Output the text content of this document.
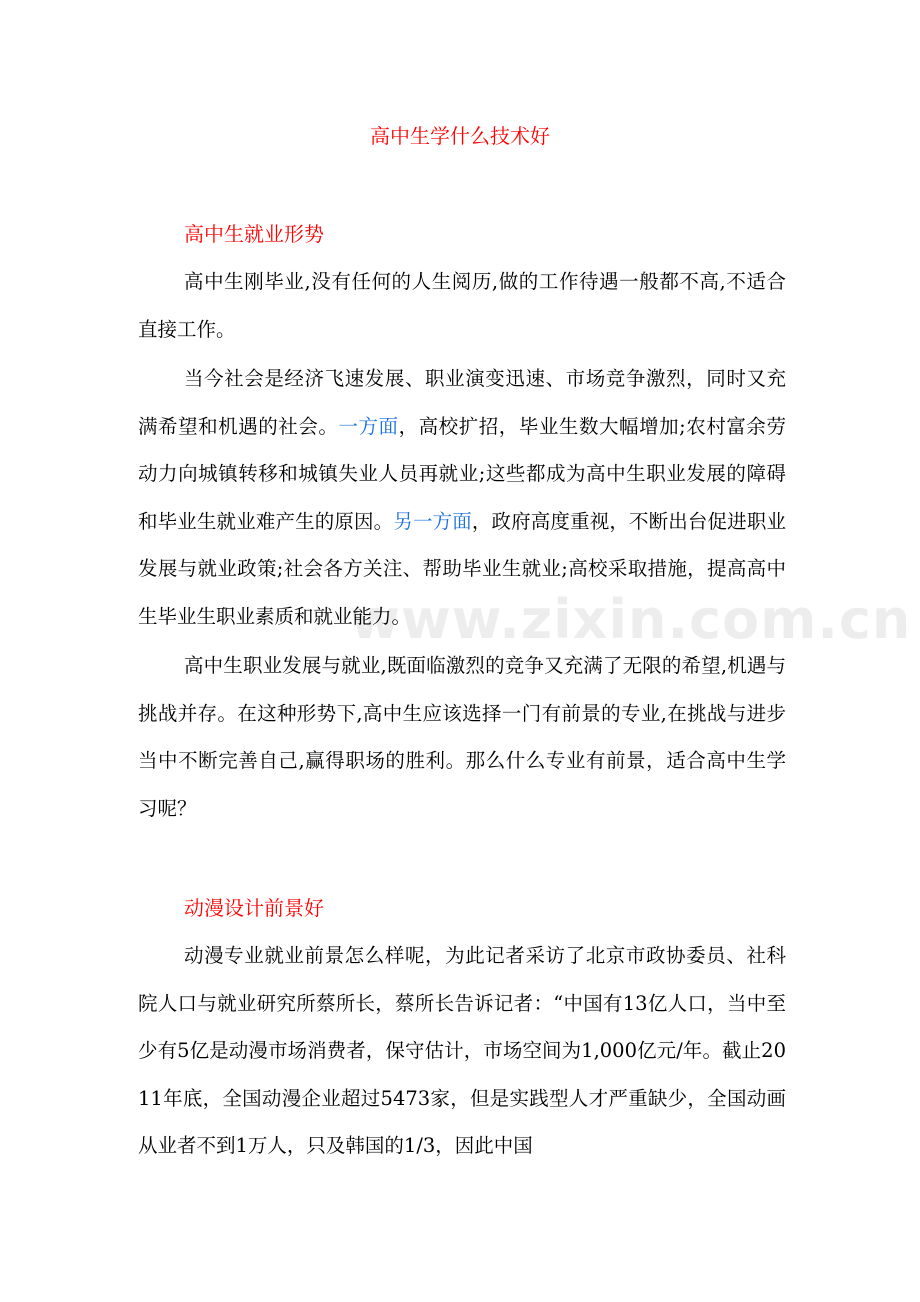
高中生学什么技术好
高中生就业形势

高中生刚毕业,没有任何的人生阅历,做的工作待遇一般都不高,不适合直接工作。

当今社会是经济飞速发展、职业演变迅速、市场竞争激烈，同时又充满希望和机遇的社会。一方面，高校扩招，毕业生数大幅增加;农村富余劳动力向城镇转移和城镇失业人员再就业;这些都成为高中生职业发展的障碍和毕业生就业难产生的原因。另一方面，政府高度重视，不断出台促进职业发展与就业政策;社会各方关注、帮助毕业生就业;高校采取措施，提高高中生毕业生职业素质和就业能力。

高中生职业发展与就业,既面临激烈的竞争又充满了无限的希望,机遇与挑战并存。在这种形势下,高中生应该选择一门有前景的专业,在挑战与进步当中不断完善自己,赢得职场的胜利。那么什么专业有前景，适合高中生学习呢？

动漫设计前景好

动漫专业就业前景怎么样呢，为此记者采访了北京市政协委员、社科院人口与就业研究所蔡所长，蔡所长告诉记者：“中国有13亿人口，当中至少有5亿是动漫市场消费者，保守估计，市场空间为1,000亿元/年。截止2011年底，全国动漫企业超过5473家，但是实践型人才严重缺少，全国动画从业者不到1万人，只及韩国的1/3，因此中国

www.zixin.com.cn
